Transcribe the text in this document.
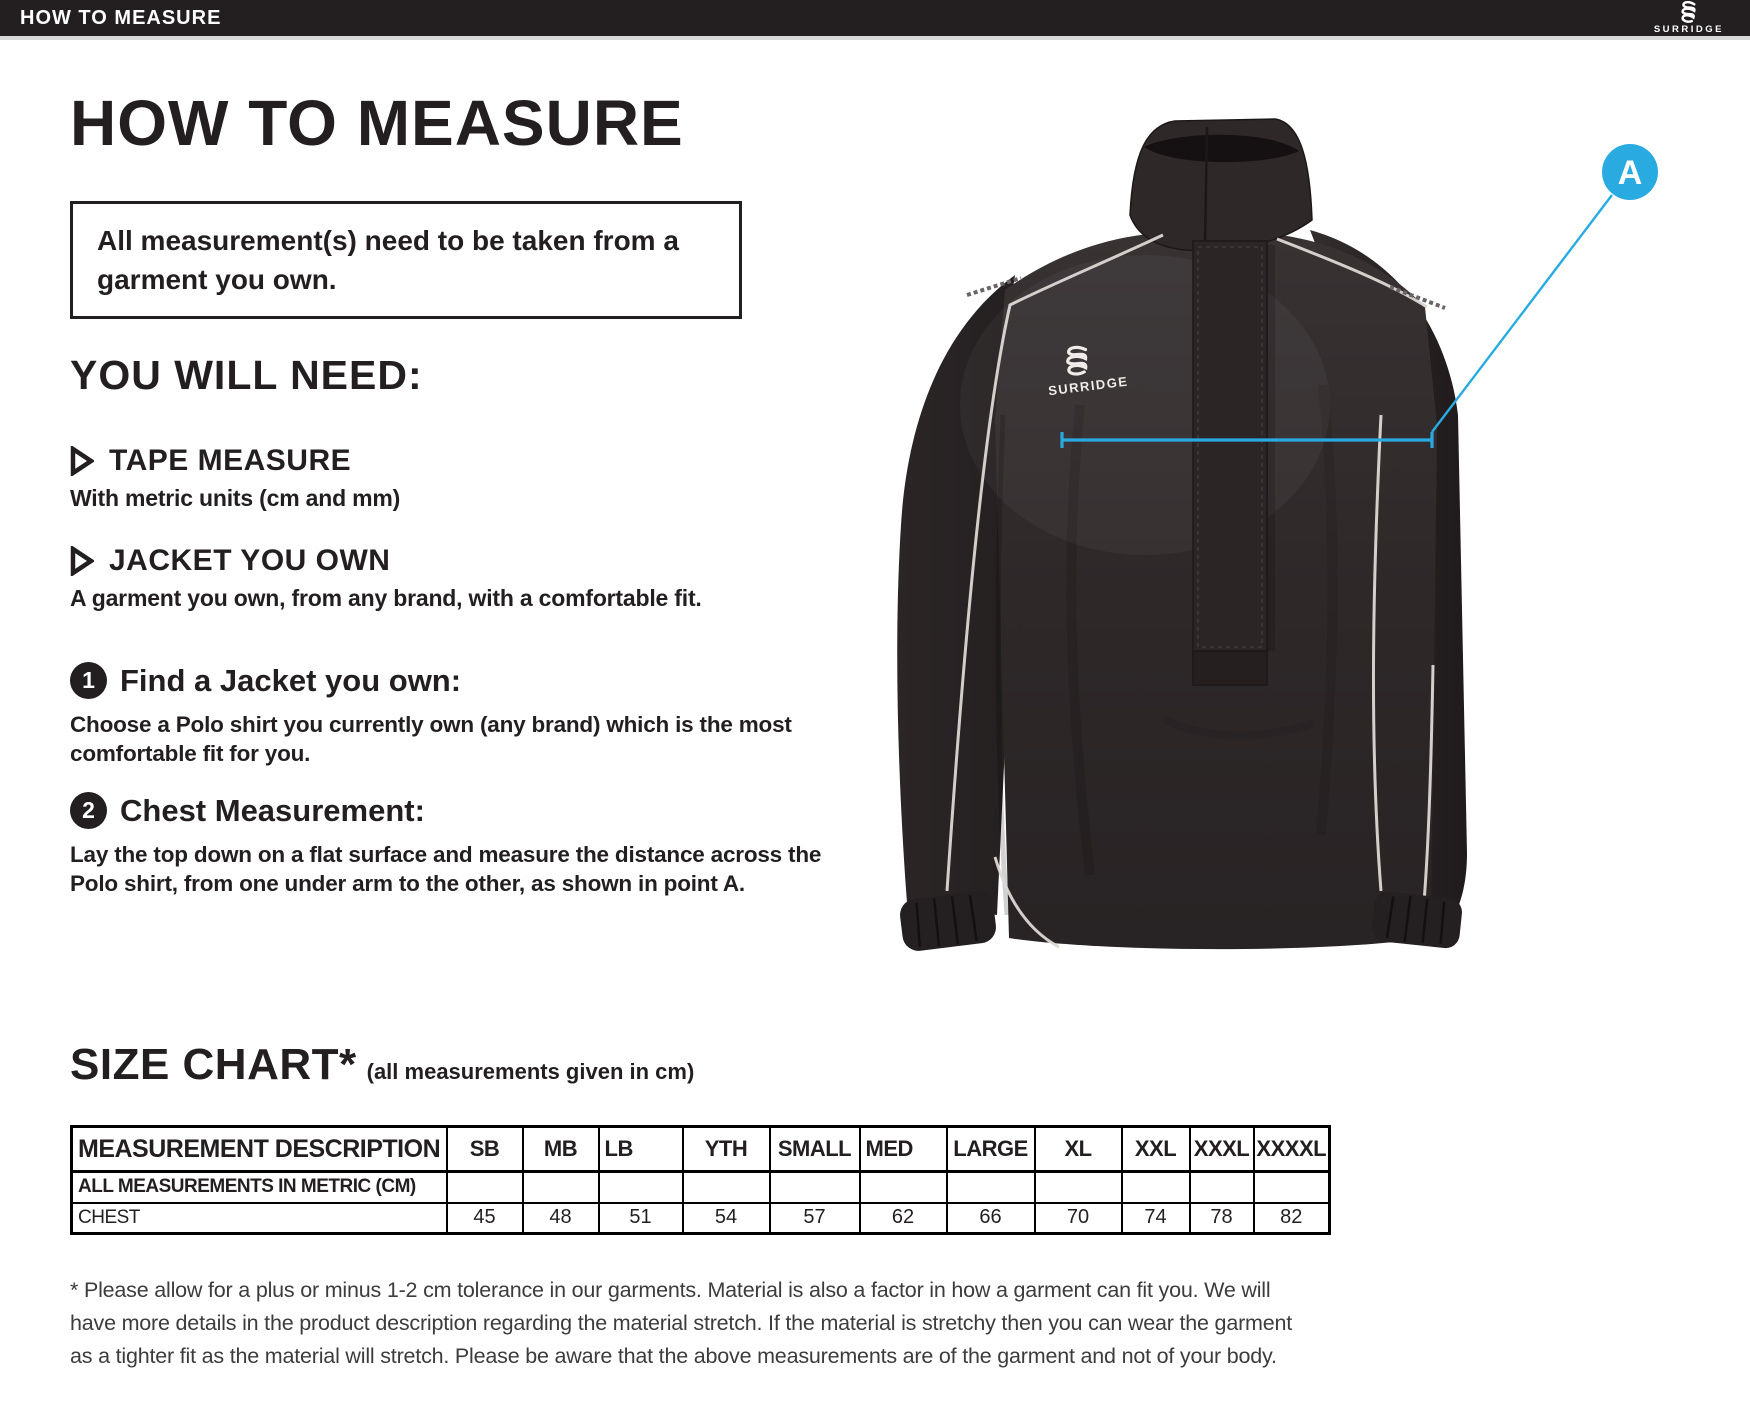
HOW TO MEASURE
SURRIDGE
HOW TO MEASURE
All measurement(s) need to be taken from a garment you own.
YOU WILL NEED:
TAPE MEASURE
With metric units (cm and mm)
JACKET YOU OWN
A garment you own, from any brand, with a comfortable fit.
1 Find a Jacket you own:
Choose a Polo shirt you currently own (any brand) which is the most comfortable fit for you.
2 Chest Measurement:
Lay the top down on a flat surface and measure the distance across the Polo shirt, from one under arm to the other, as shown in point A.
SIZE CHART* (all measurements given in cm)
MEASUREMENT DESCRIPTION	SB	MB	LB	YTH	SMALL	MED	LARGE	XL	XXL	XXXL	XXXXL
ALL MEASUREMENTS IN METRIC (CM)											
CHEST	45	48	51	54	57	62	66	70	74	78	82
* Please allow for a plus or minus 1-2 cm tolerance in our garments. Material is also a factor in how a garment can fit you. We will have more details in the product description regarding the material stretch. If the material is stretchy then you can wear the garment as a tighter fit as the material will stretch. Please be aware that the above measurements are of the garment and not of your body.
SURRIDGE
A
